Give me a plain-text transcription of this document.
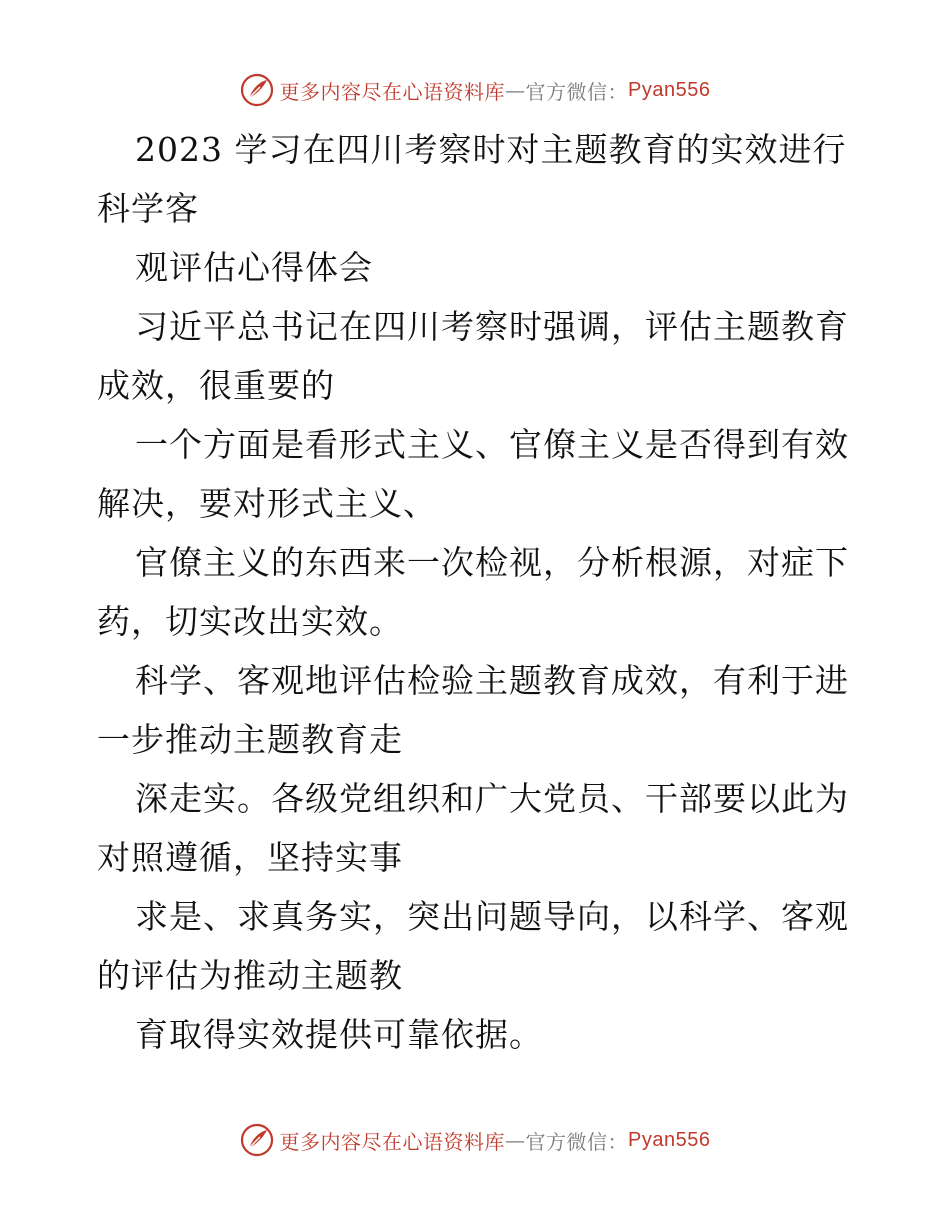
更多内容尽在心语资料库 — 官方微信： Pyan556

2023 学习在四川考察时对主题教育的实效进行

科学客

观评估心得体会

习近平总书记在四川考察时强调，评估主题教育

成效，很重要的

一个方面是看形式主义、官僚主义是否得到有效

解决，要对形式主义、

官僚主义的东西来一次检视，分析根源，对症下

药，切实改出实效。

科学、客观地评估检验主题教育成效，有利于进

一步推动主题教育走

深走实。各级党组织和广大党员、干部要以此为

对照遵循，坚持实事

求是、求真务实，突出问题导向，以科学、客观

的评估为推动主题教

育取得实效提供可靠依据。

更多内容尽在心语资料库 — 官方微信： Pyan556
